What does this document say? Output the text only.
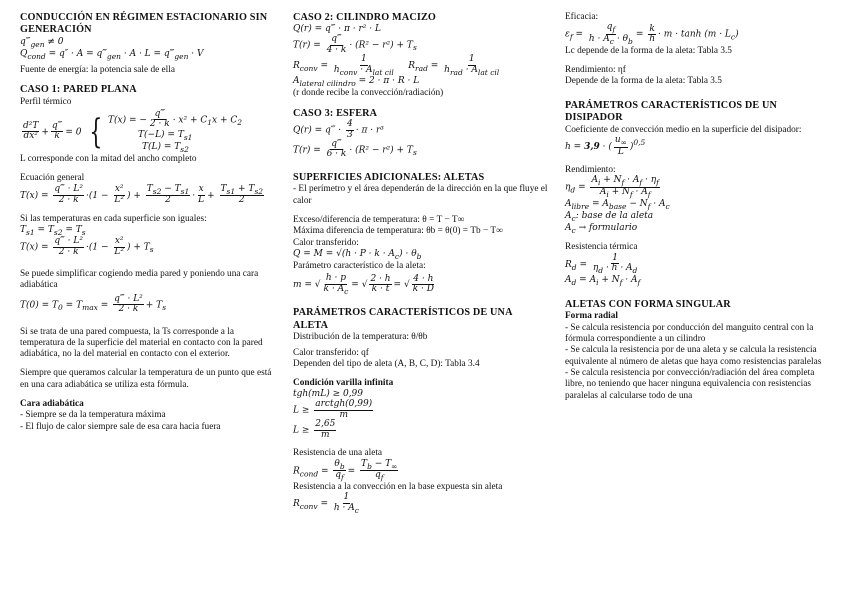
CONDUCCIÓN EN RÉGIMEN ESTACIONARIO SIN GENERACIÓN
$q‴_{gen} \ne 0$
$Q_{cond} = q'' \cdot A$ = $q‴_{gen} \cdot A \cdot L$ = $q‴_{gen} \cdot V$
Fuente de energía: la potencia sale de ella
CASO 1: PARED PLANA
Perfil térmico
$\frac{\text{d²T}}{\text{dx²}} + \frac{q‴}{k} = 0$ { T(x) = − $\frac{q‴}{2 \cdot k} \cdot x^2 + C_1x + C_2$
$T(-L) = T_{s1}$
$T(L) = T_{s2}$
L corresponde con la mitad del ancho completo
Ecuación general
$T(x) = \frac{\text{q‴ · L²}}{2 \cdot k} \cdot(1 - \frac{\text{x²}}{\text{L²}}$ ) + $\frac{T_{s2} - T_{s1}}{2} \cdot \frac{x}{L} + \frac{T_{s1} + T_{s2}}{2}$
Si las temperaturas en cada superficie son iguales:
$T_{s1} = T_{s2} = T_s$
$T(x) = \frac{\text{q‴ · L²}}{2 \cdot k} \cdot(1 - \frac{\text{x²}}{\text{L²}}$ ) + $T_s$
Se puede simplificar cogiendo media pared y poniendo una cara adiabática
$T(0) = T_0 = T_{max} = \frac{\text{q‴ · L²}}{2 \cdot k} + T_s$
Si se trata de una pared compuesta, la Ts corresponde a la temperatura de la superficie del material en contacto con la pared adiabática, no la del material en contacto con el exterior.
Siempre que queramos calcular la temperatura de un punto que está en una cara adiabática se utiliza esta fórmula.
Cara adiabática
- Siempre se da la temperatura máxima
- El flujo de calor siempre sale de esa cara hacia fuera
CASO 2: CILINDRO MACIZO
Q(r) = q‴ · π · r² · L
$T(r) = \frac{q‴}{4 \cdot k} \cdot (R^2 - r^2) + T_s$
$R_{conv} = \frac{1}{h_{conv} \cdot A_{lat cil}} R_{rad} = \frac{1}{h_{rad} \cdot A_{lat cil}}$
$A_{lateral cilindro} = 2 \cdot \pi \cdot R \cdot L$
(r donde recibe la convección/radiación)
CASO 3: ESFERA
Q(r) = q‴ · $\frac{4}{3} \cdot \pi \cdot r^3$
$T(r) = \frac{q‴}{6 \cdot k} \cdot (R^2 - r^2) + T_s$
SUPERFICIES ADICIONALES: ALETAS
- El perímetro y el área dependerán de la dirección en la que fluye el calor
Exceso/diferencia de temperatura: θ = T − T∞
Máxima diferencia de temperatura: θb = θ(0) = Tb − T∞
Calor transferido:
$Q = M = √(h \cdot P \cdot k \cdot A_c) \cdot \theta_b$
Parámetro característico de la aleta:
m = √ $\frac{h \cdot p}{k \cdot A_c}$ = √ $\frac{2 \cdot h}{k \cdot t}$ = √ $\frac{4 \cdot h}{k \cdot D}$
PARÁMETROS CARACTERÍSTICOS DE UNA ALETA
Distribución de la temperatura: θ/θb
Calor transferido: qf
Dependen del tipo de aleta (A, B, C, D): Tabla 3.4
Condición varilla infinita
tgh(mL) ≥ 0,99
$L \ge \frac{\text{arctgh(0,99)}}{m}$
$L \ge \frac{2,65}{m}$
Resistencia de una aleta
$R_{cond} = \frac{\theta_b}{q_f} = \frac{T_b - T_\infty}{q_f}$
Resistencia a la convección en la base expuesta sin aleta
$R_{conv} = \frac{1}{h \cdot A_c}$
Eficacia:
$\varepsilon_f = \frac{q_f}{h \cdot A_c \cdot \theta_b} = \frac{k}{h} \cdot m \cdot \tanh (m \cdot L_c)$
Lc depende de la forma de la aleta: Tabla 3.5
Rendimiento: ηf
Depende de la forma de la aleta: Tabla 3.5
PARÁMETROS CARACTERÍSTICOS DE UN DISIPADOR
Coeficiente de convección medio en la superficie del disipador:
h = 3,9 · ( $\frac{u_\infty}{L} )^{0,5}$
Rendimiento:
$\eta_d = \frac{A_i + N_f \cdot A_f \cdot \eta_f}{A_i + N_f \cdot A_f}$
$A_{libre} = A_{base} - N_f \cdot A_c$
$A_c$: base de la aleta
$A_c$ → formulario
Resistencia térmica
$R_d = \frac{1}{\eta_d \cdot h \cdot A_d}$
$A_d = A_i + N_f \cdot A_f$
ALETAS CON FORMA SINGULAR
Forma radial
- Se calcula resistencia por conducción del manguito central con la fórmula correspondiente a un cilindro
- Se calcula la resistencia por de una aleta y se calcula la resistencia equivalente al número de aletas que haya como resistencias paralelas
- Se calcula resistencia por convección/radiación del área completa libre, no teniendo que hacer ninguna equivalencia con resistencias paralelas al calcularse todo de una
